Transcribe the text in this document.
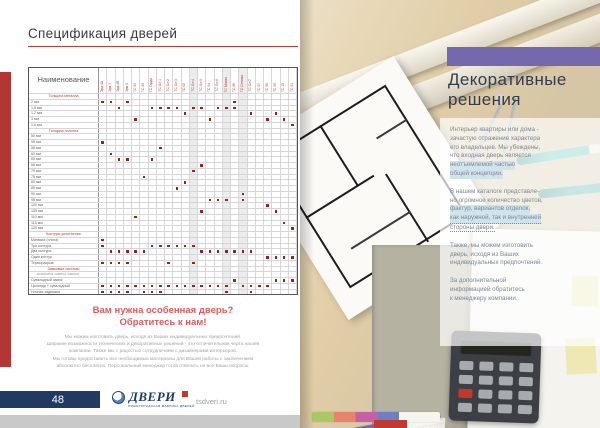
Спецификация дверей
Наименование
Эра 4А Эра 1 Эра 4К Эра 3 ТС 03 ТС 05 ТС Гарда ТС Ол 1 ТС Ол 2 ТС Ол 3 ТС 02 ТС Ол 4 ТС Ол 5 ТС 04 ТС Ол 6 ТС Милан ТС 06 ТС Оптима ТС Ол 7 ТС 07 ТС 08 ТС 09 ТС 10 ТС 01
Толщина металла
2 мм
1,5 мм
1,2 мм
3 мм
1,8 мм
Толщина полотна
50 мм
55 мм
58 мм
60 мм
65 мм
68 мм
70 мм
75 мм
80 мм
85 мм
90 мм
95 мм
100 мм
105 мм
110 мм
115 мм
120 мм
Контуры уплотнения
Минвата (плита)
Три контура
Два контура
Один контур
Терморазрыв
Замковые системы
возможна замена замков
Сувальдный замок
Цилиндр + сувальдный
Ночная задвижка
Вам нужна особенная дверь?
Обратитесь к нам!
Мы можем изготовить дверь, исходя из Ваших индивидуальных предпочтений.
Широкие возможности технических и декоративных решений - это отличительная черта нашей
компании. Также мы с радостью сотрудничаем с дизайнерами интерьеров.
Мы готовы предоставить все необходимые материалы для Вашей работы с заключением
абсолютно бесплатно. Персональный менеджер готов ответить на все Ваши вопросы.
48	ДВЕРИ
НИЖЕГОРОДСКАЯ ФАБРИКА ДВЕРЕЙ tsdveri.ru
Декоративные
решения
Интерьер квартиры или дома -
зачастую отражение характера
его владельцев. Мы убеждены,
что входная дверь является
неотъемлемой частью
общей концепции.
В нашем каталоге представле-
но огромное количество цветов,
фактур, вариантов отделок,
как наружной, так и внутренней
стороны двери.
Также, мы можем изготовить
дверь, исходя из Ваших
индивидуальных предпочтений.
За дополнительной
информацией обратитесь
к менеджеру компании.
